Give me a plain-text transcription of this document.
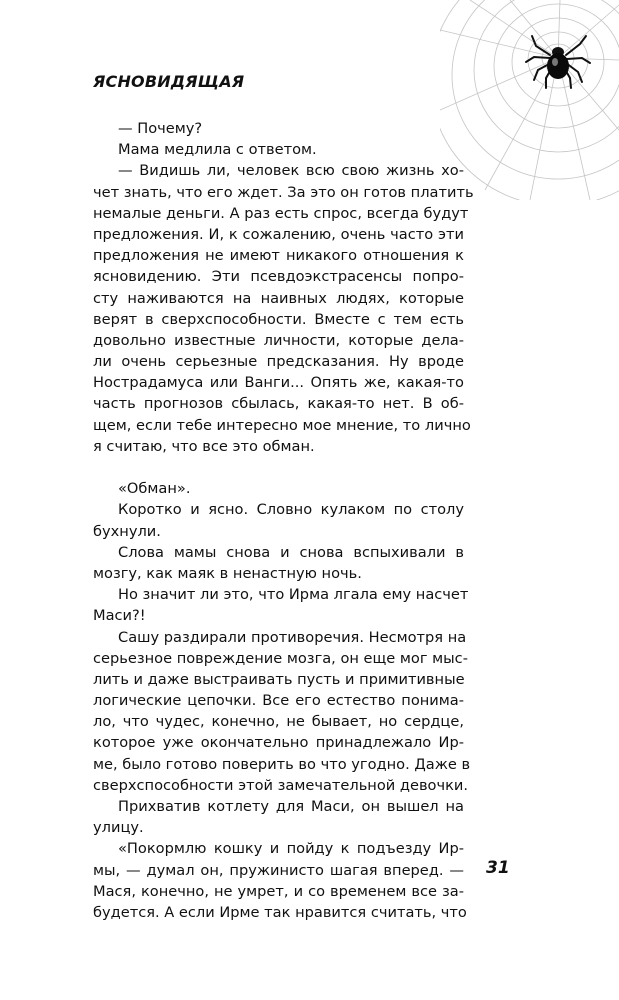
ЯСНОВИДЯЩАЯ
— Почему?
Мама медлила с ответом.
— Видишь ли, человек всю свою жизнь хо-
чет знать, что его ждет. За это он готов платить
немалые деньги. А раз есть спрос, всегда будут
предложения. И, к сожалению, очень часто эти
предложения не имеют никакого отношения к
ясновидению. Эти псевдоэкстрасенсы попро-
сту наживаются на наивных людях, которые
верят в сверхспособности. Вместе с тем есть
довольно известные личности, которые дела-
ли очень серьезные предсказания. Ну вроде
Нострадамуса или Ванги... Опять же, какая-то
часть прогнозов сбылась, какая-то нет. В об-
щем, если тебе интересно мое мнение, то лично
я считаю, что все это обман.
«Обман».
Коротко и ясно. Словно кулаком по столу
бухнули.
Слова мамы снова и снова вспыхивали в
мозгу, как маяк в ненастную ночь.
Но значит ли это, что Ирма лгала ему насчет
Маси?!
Сашу раздирали противоречия. Несмотря на
серьезное повреждение мозга, он еще мог мыс-
лить и даже выстраивать пусть и примитивные
логические цепочки. Все его естество понима-
ло, что чудес, конечно, не бывает, но сердце,
которое уже окончательно принадлежало Ир-
ме, было готово поверить во что угодно. Даже в
сверхспособности этой замечательной девочки.
Прихватив котлету для Маси, он вышел на
улицу.
«Покормлю кошку и пойду к подъезду Ир-
мы, — думал он, пружинисто шагая вперед. —
Мася, конечно, не умрет, и со временем все за-
будется. А если Ирме так нравится считать, что
31
